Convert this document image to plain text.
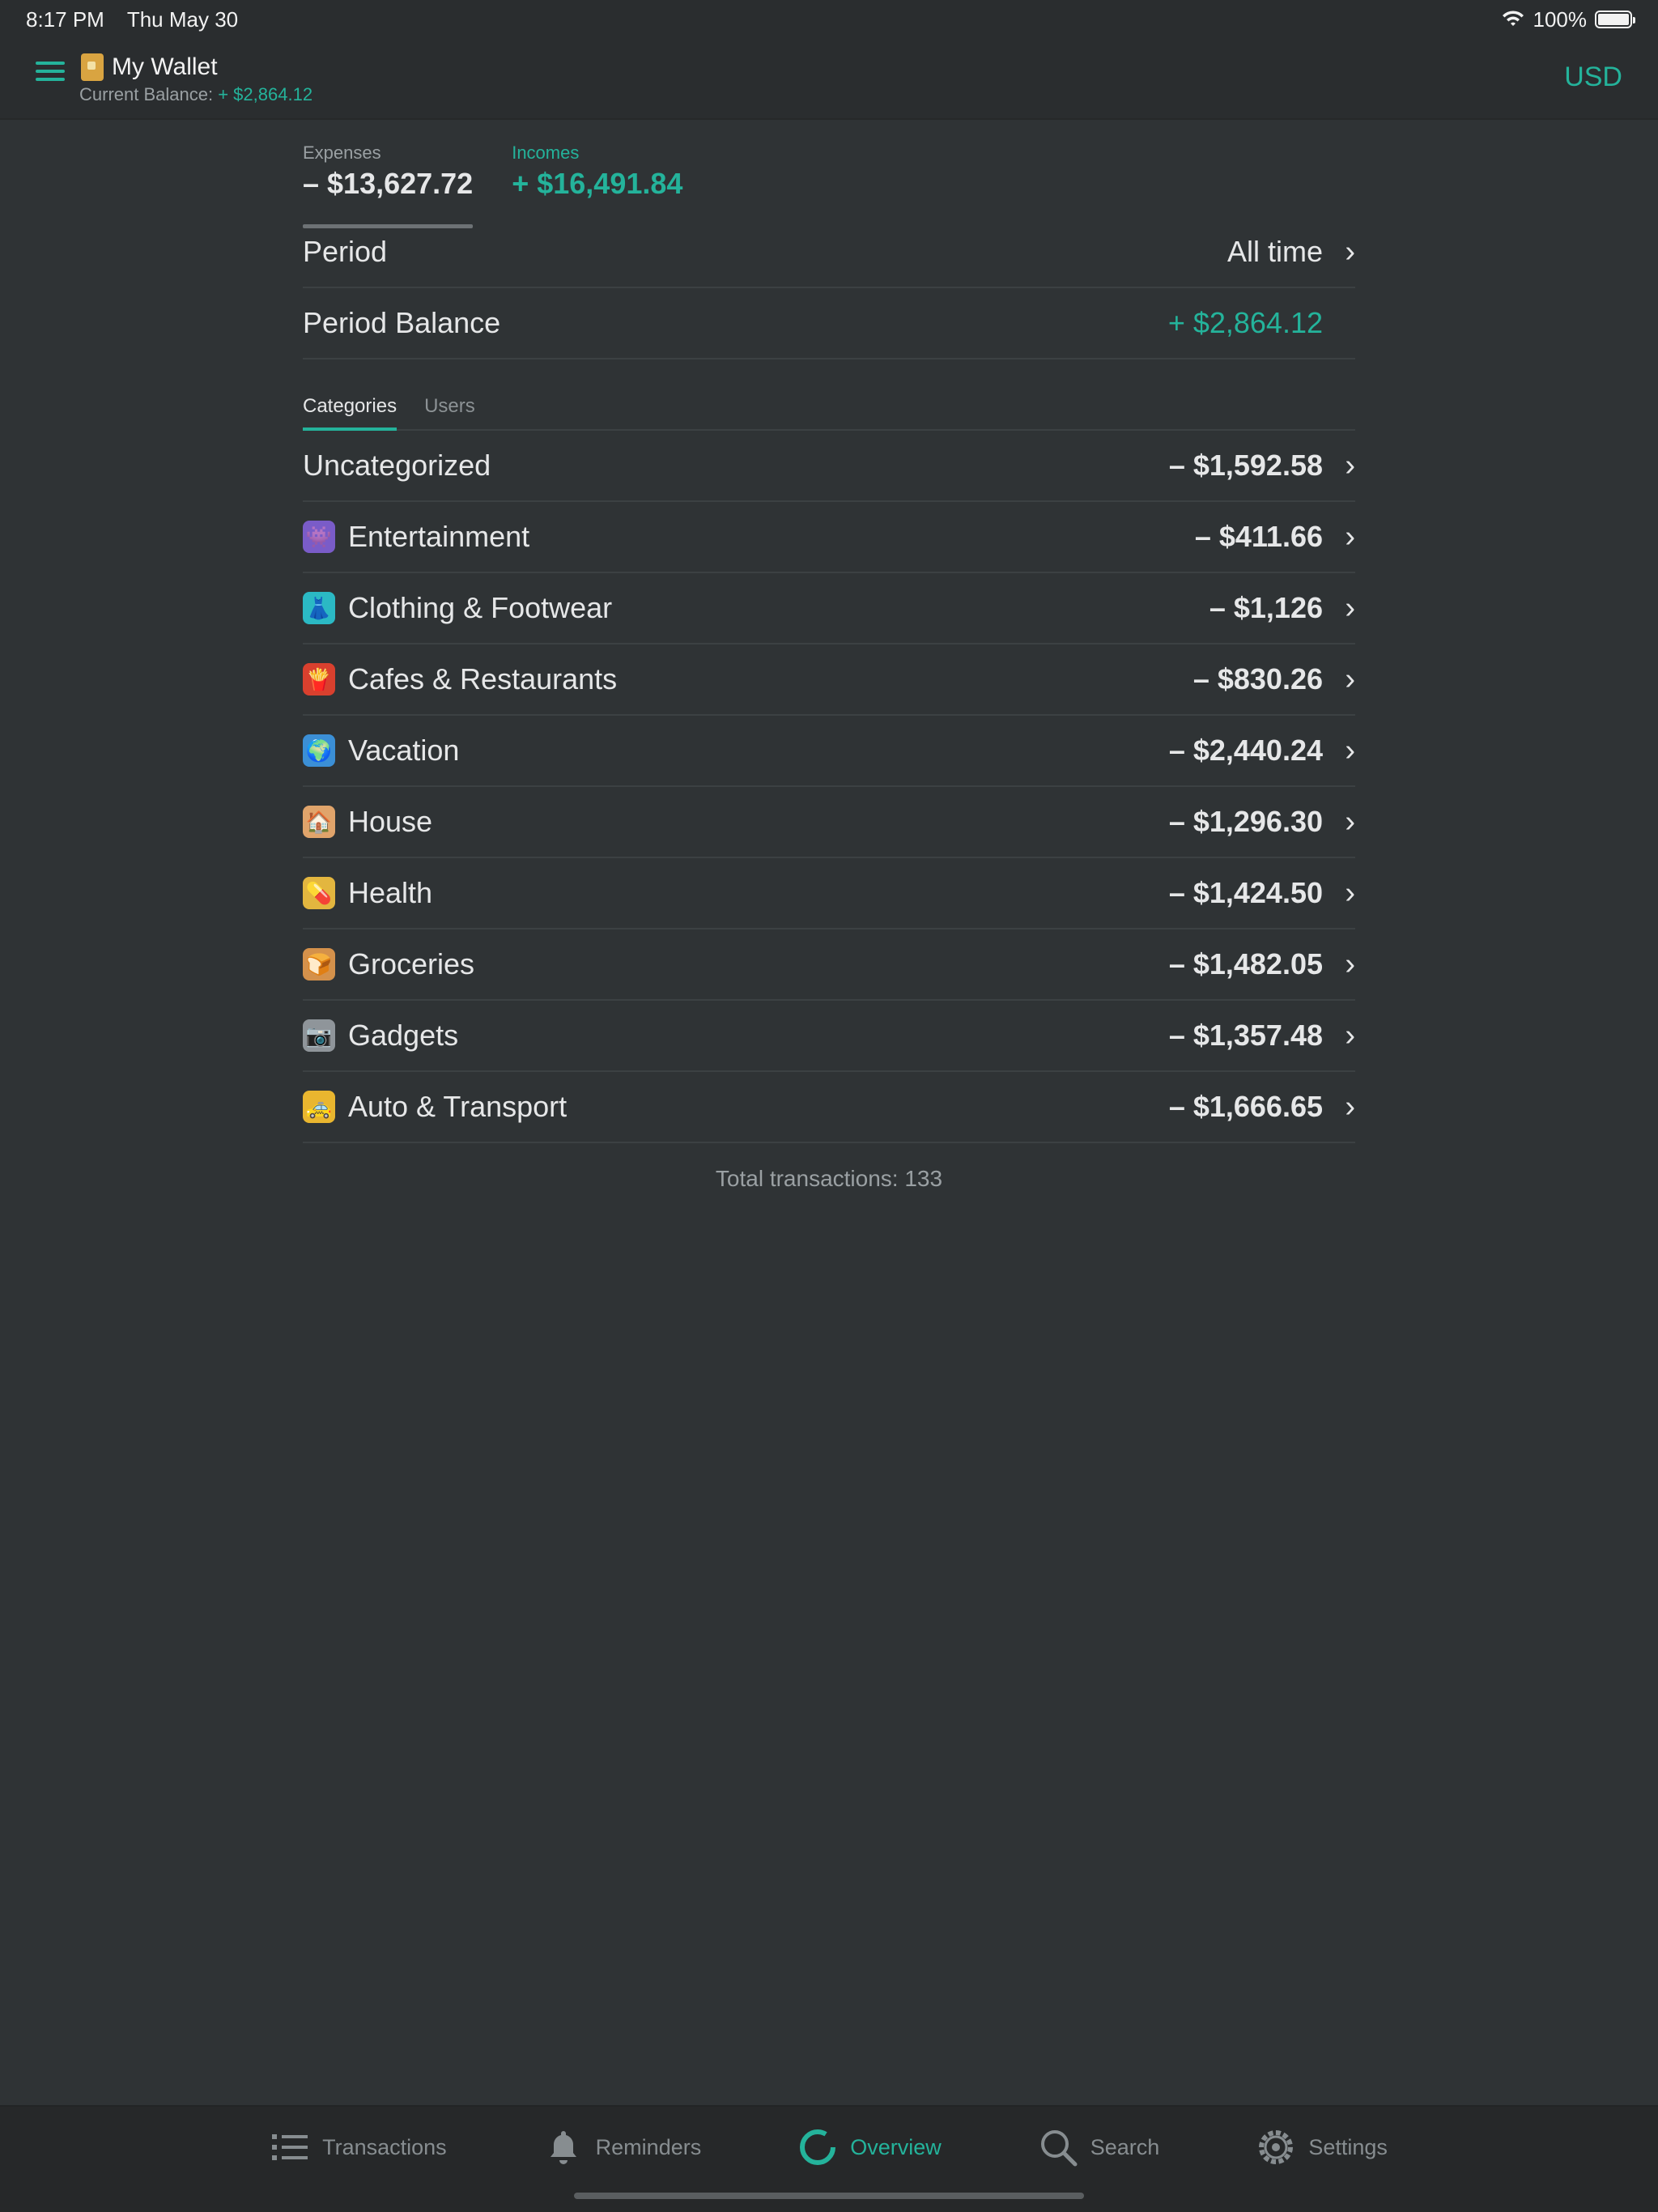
8:17 PM Thu May 30	100%
My Wallet
Current Balance: + $2,864.12
USD
Expenses
– $13,627.72
Incomes
+ $16,491.84
Period	All time ›
Period Balance	+ $2,864.12
Categories Users
Uncategorized	– $1,592.58 ›
👾 Entertainment	– $411.66 ›
👗 Clothing & Footwear	– $1,126 ›
🍟 Cafes & Restaurants	– $830.26 ›
🌍 Vacation	– $2,440.24 ›
🏠 House	– $1,296.30 ›
💊 Health	– $1,424.50 ›
🍞 Groceries	– $1,482.05 ›
📷 Gadgets	– $1,357.48 ›
🚕 Auto & Transport	– $1,666.65 ›
Total transactions: 133
Transactions	Reminders	Overview	Search	Settings
